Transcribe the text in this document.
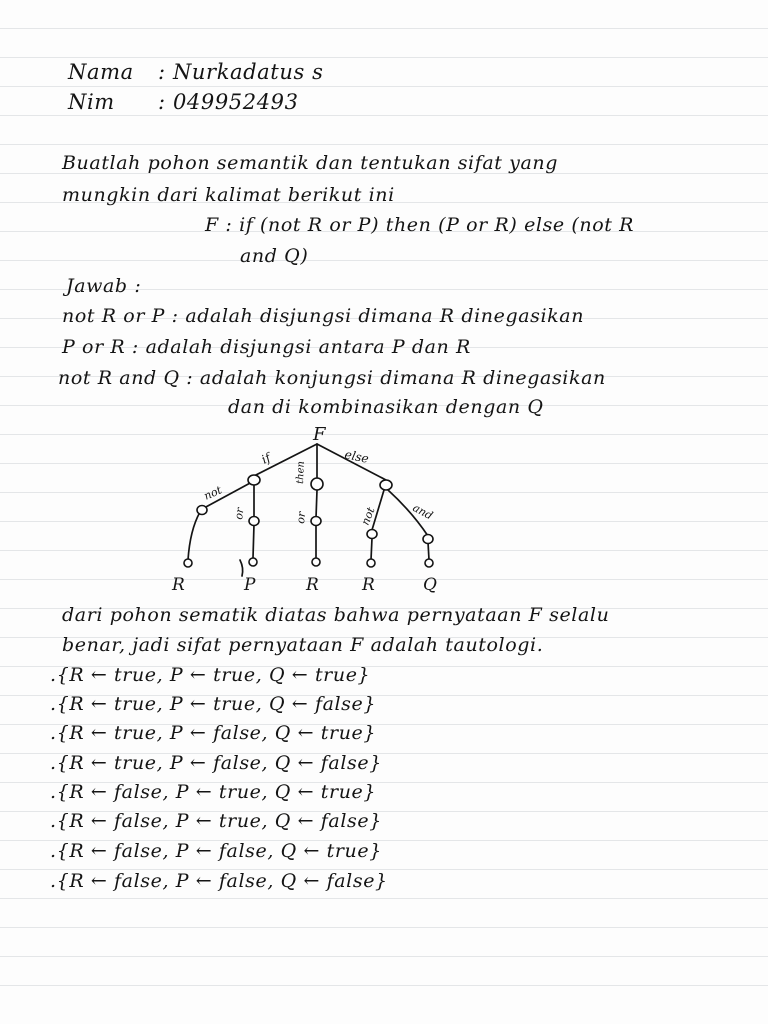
Nama : Nurkadatus s
Nim : 049952493
Buatlah pohon semantik dan tentukan sifat yang
mungkin dari kalimat berikut ini
F : if (not R or P) then (P or R) else (not R
and Q)
Jawab :
not R or P : adalah disjungsi dimana R dinegasikan
P or R : adalah disjungsi antara P dan R
not R and Q : adalah konjungsi dimana R dinegasikan
dan di kombinasikan dengan Q
F
if	else
then
not
or	or	not	and
R	P	R	R	Q
dari pohon sematik diatas bahwa pernyataan F selalu
benar, jadi sifat pernyataan F adalah tautologi.
.{R ← true, P ← true, Q ← true}
.{R ← true, P ← true, Q ← false}
.{R ← true, P ← false, Q ← true}
.{R ← true, P ← false, Q ← false}
.{R ← false, P ← true, Q ← true}
.{R ← false, P ← true, Q ← false}
.{R ← false, P ← false, Q ← true}
.{R ← false, P ← false, Q ← false}
